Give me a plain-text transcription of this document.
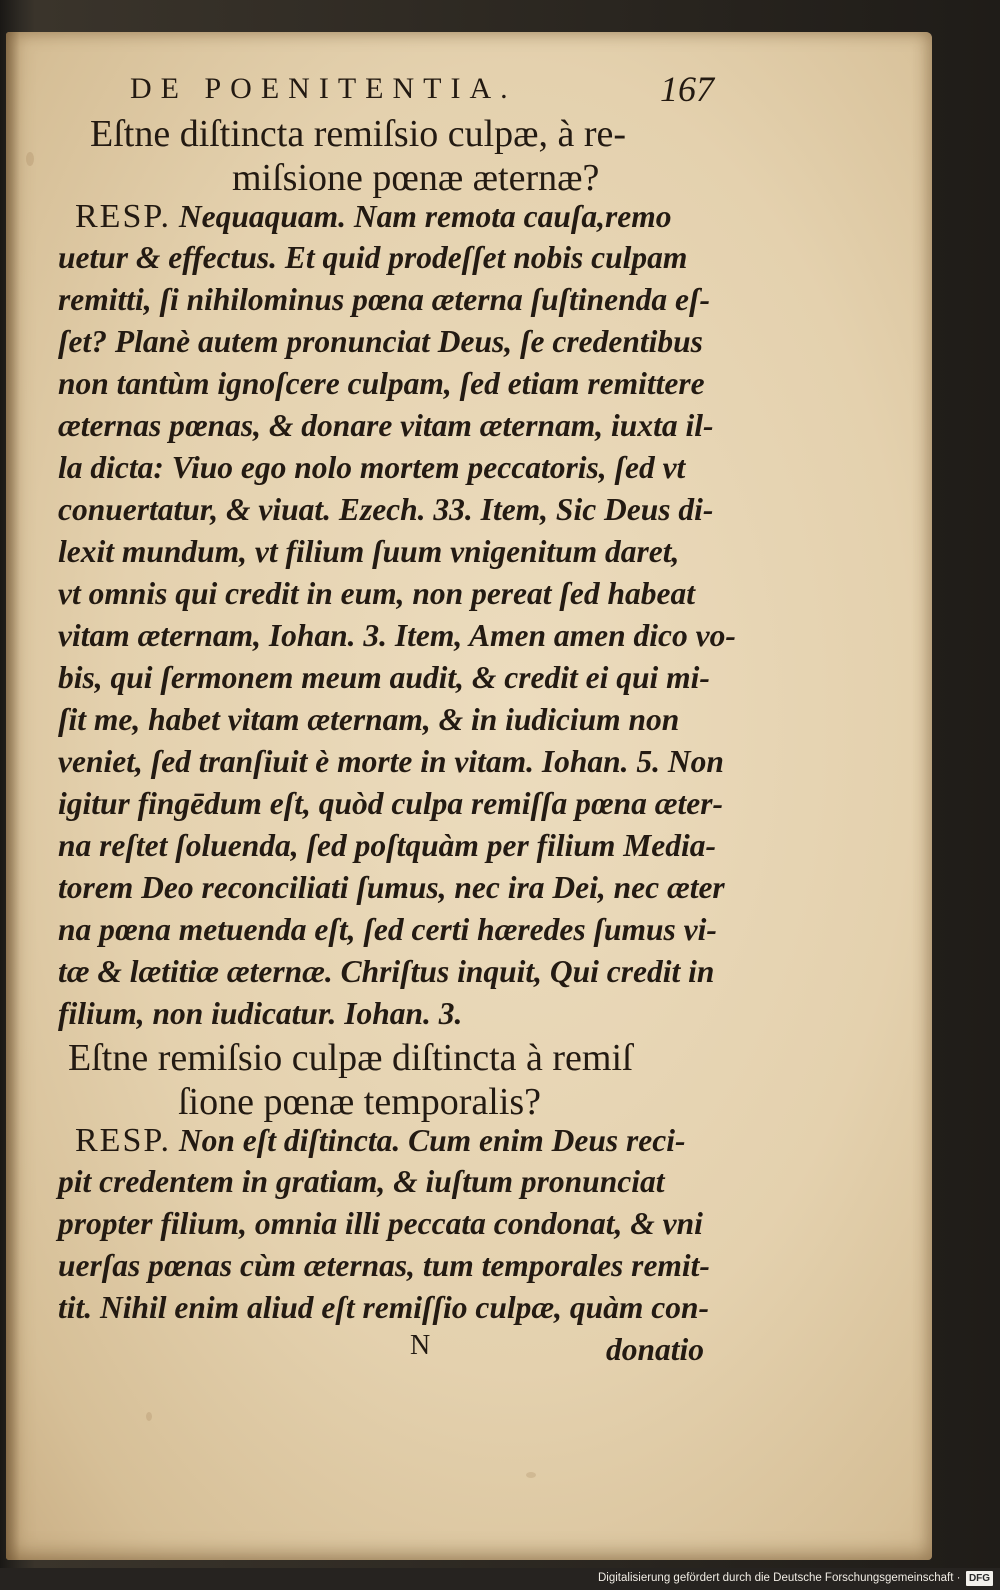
DE POENITENTIA.	167
Eſtne diſtincta remiſsio culpæ, à re-
miſsione pœnæ æternæ?
RESP. Nequaquam. Nam remota cauſa,remo
uetur & effectus. Et quid prodeſſet nobis culpam
remitti, ſi nihilominus pœna æterna ſuſtinenda eſ-
ſet? Planè autem pronunciat Deus, ſe credentibus
non tantùm ignoſcere culpam, ſed etiam remittere
æternas pœnas, & donare vitam æternam, iuxta il-
la dicta: Viuo ego nolo mortem peccatoris, ſed vt
conuertatur, & viuat. Ezech. 33. Item, Sic Deus di-
lexit mundum, vt filium ſuum vnigenitum daret,
vt omnis qui credit in eum, non pereat ſed habeat
vitam æternam, Iohan. 3. Item, Amen amen dico vo-
bis, qui ſermonem meum audit, & credit ei qui mi-
ſit me, habet vitam æternam, & in iudicium non
veniet, ſed tranſiuit è morte in vitam. Iohan. 5. Non
igitur fingēdum eſt, quòd culpa remiſſa pœna æter-
na reſtet ſoluenda, ſed poſtquàm per filium Media-
torem Deo reconciliati ſumus, nec ira Dei, nec æter
na pœna metuenda eſt, ſed certi hæredes ſumus vi-
tæ & lætitiæ æternæ. Chriſtus inquit, Qui credit in
filium, non iudicatur. Iohan. 3.
Eſtne remiſsio culpæ diſtincta à remiſ
ſione pœnæ temporalis?
RESP. Non eſt diſtincta. Cum enim Deus reci-
pit credentem in gratiam, & iuſtum pronunciat
propter filium, omnia illi peccata condonat, & vni
uerſas pœnas cùm æternas, tum temporales remit-
tit. Nihil enim aliud eſt remiſſio culpæ, quàm con-
N	donatio
Digitalisierung gefördert durch die Deutsche Forschungsgemeinschaft · DFG
